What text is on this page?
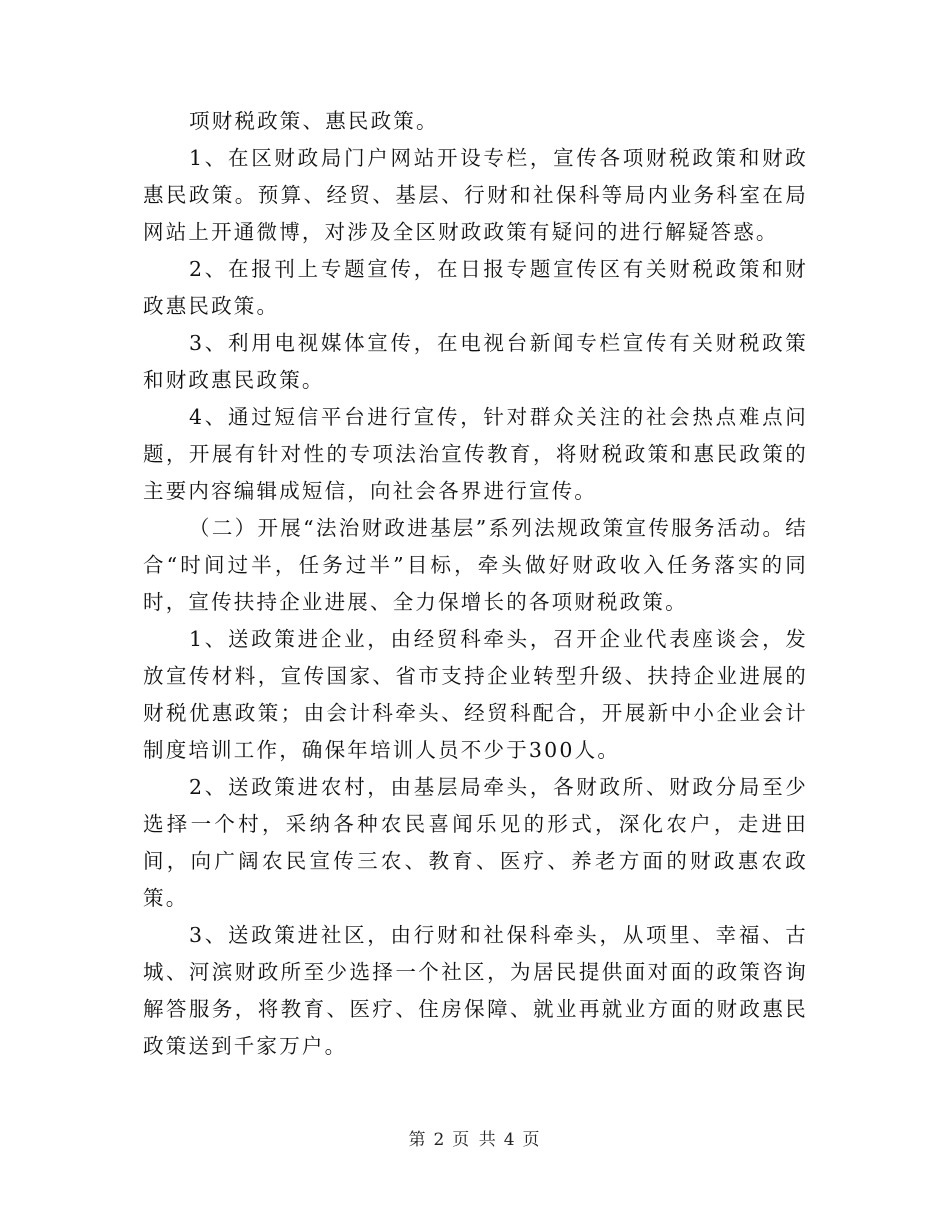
项财税政策、惠民政策。

1、在区财政局门户网站开设专栏，宣传各项财税政策和财政惠民政策。预算、经贸、基层、行财和社保科等局内业务科室在局网站上开通微博，对涉及全区财政政策有疑问的进行解疑答惑。

2、在报刊上专题宣传，在日报专题宣传区有关财税政策和财政惠民政策。

3、利用电视媒体宣传，在电视台新闻专栏宣传有关财税政策和财政惠民政策。

4、通过短信平台进行宣传，针对群众关注的社会热点难点问题，开展有针对性的专项法治宣传教育，将财税政策和惠民政策的主要内容编辑成短信，向社会各界进行宣传。

（二）开展“法治财政进基层”系列法规政策宣传服务活动。结合“时间过半，任务过半”目标，牵头做好财政收入任务落实的同时，宣传扶持企业进展、全力保增长的各项财税政策。

1、送政策进企业，由经贸科牵头，召开企业代表座谈会，发放宣传材料，宣传国家、省市支持企业转型升级、扶持企业进展的财税优惠政策；由会计科牵头、经贸科配合，开展新中小企业会计制度培训工作，确保年培训人员不少于300人。

2、送政策进农村，由基层局牵头，各财政所、财政分局至少选择一个村，采纳各种农民喜闻乐见的形式，深化农户，走进田间，向广阔农民宣传三农、教育、医疗、养老方面的财政惠农政策。

3、送政策进社区，由行财和社保科牵头，从项里、幸福、古城、河滨财政所至少选择一个社区，为居民提供面对面的政策咨询解答服务，将教育、医疗、住房保障、就业再就业方面的财政惠民政策送到千家万户。

第 2 页 共 4 页
